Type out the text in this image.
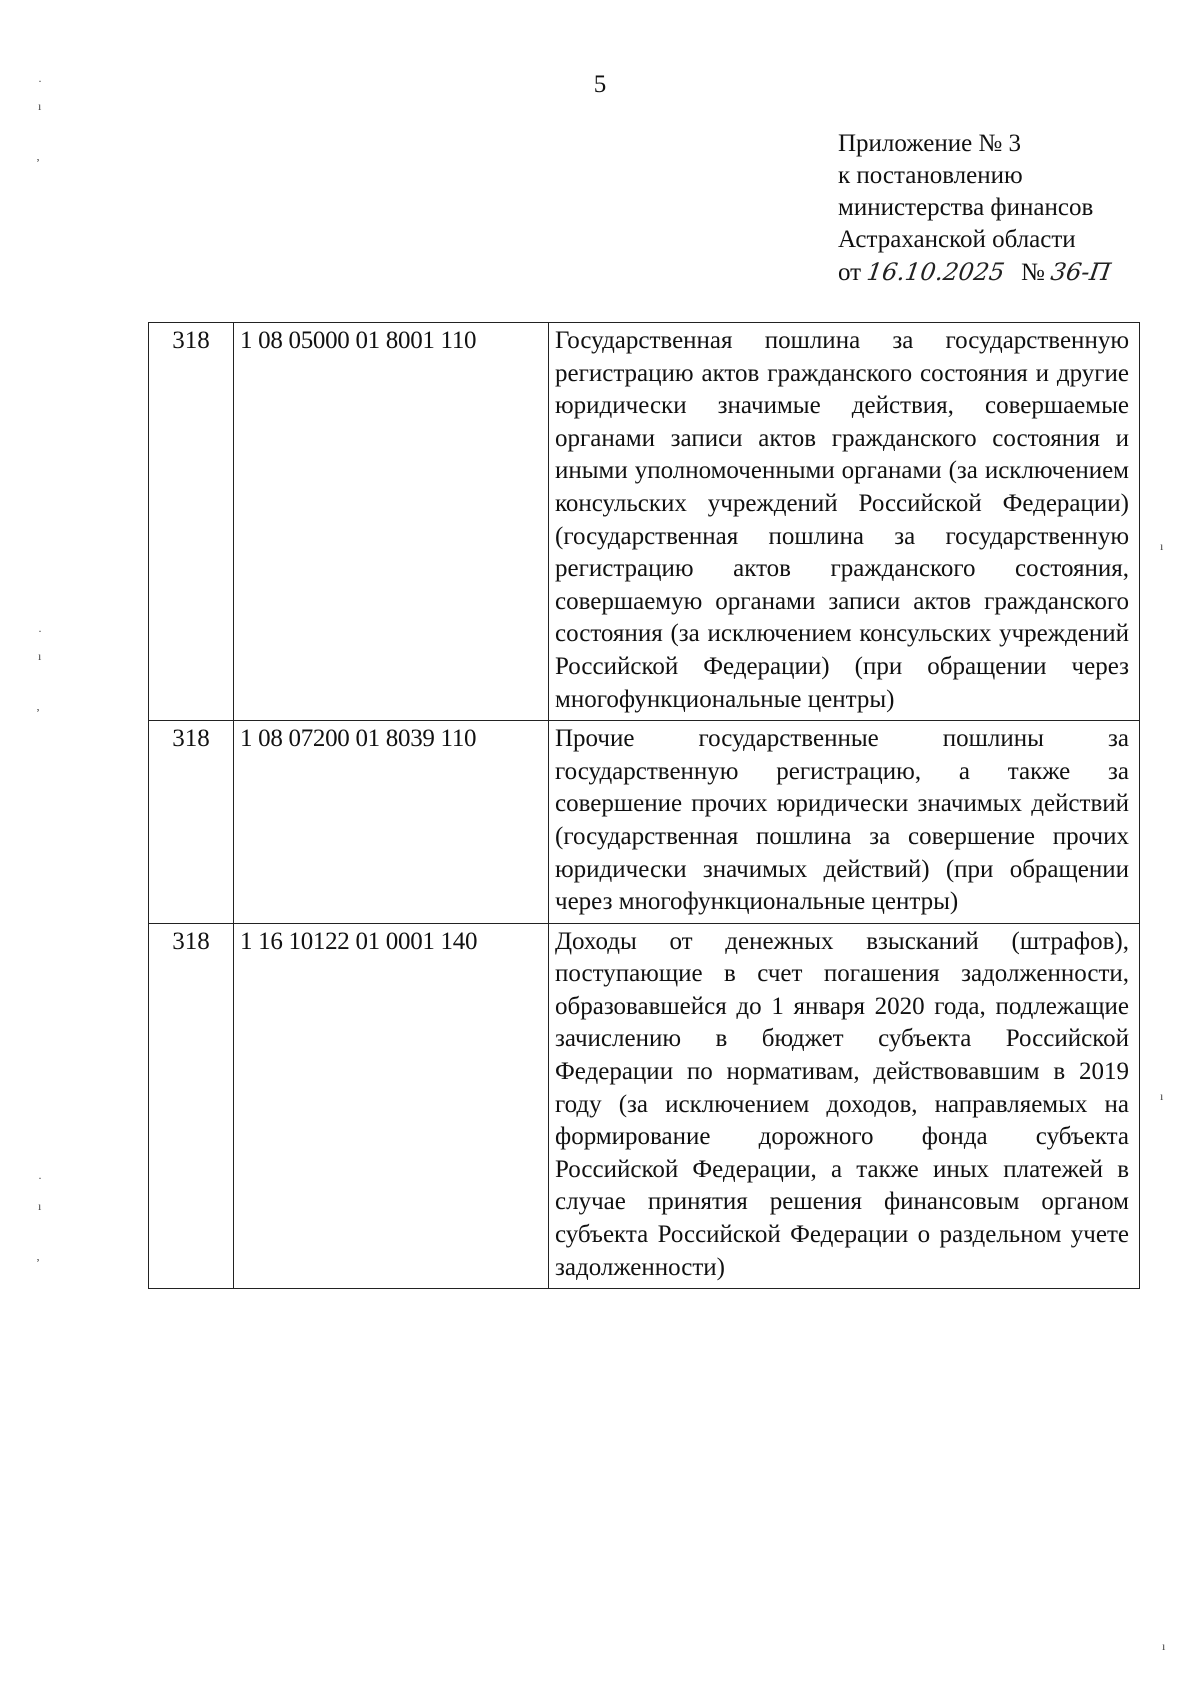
5
Приложение № 3
к постановлению
министерства финансов
Астраханской области
от 16.10.2025 № 36-П
318	1 08 05000 01 8001 110	Государственная пошлина за государственную регистрацию актов гражданского состояния и другие юридически значимые действия, совершаемые органами записи актов гражданского состояния и иными уполномоченными органами (за исключением консульских учреждений Российской Федерации) (государственная пошлина за государственную регистрацию актов гражданского состояния, совершаемую органами записи актов гражданского состояния (за исключением консульских учреждений Российской Федерации) (при обращении через многофункциональные центры)
318	1 08 07200 01 8039 110	Прочие государственные пошлины за государственную регистрацию, а также за совершение прочих юридически значимых действий (государственная пошлина за совершение прочих юридически значимых действий) (при обращении через многофункциональные центры)
318	1 16 10122 01 0001 140	Доходы от денежных взысканий (штрафов), поступающие в счет погашения задолженности, образовавшейся до 1 января 2020 года, подлежащие зачислению в бюджет субъекта Российской Федерации по нормативам, действовавшим в 2019 году (за исключением доходов, направляемых на формирование дорожного фонда субъекта Российской Федерации, а также иных платежей в случае принятия решения финансовым органом субъекта Российской Федерации о раздельном учете задолженности)
·
ı
‚
·
ı
‚
·
ı
‚
ı
ı
ı
